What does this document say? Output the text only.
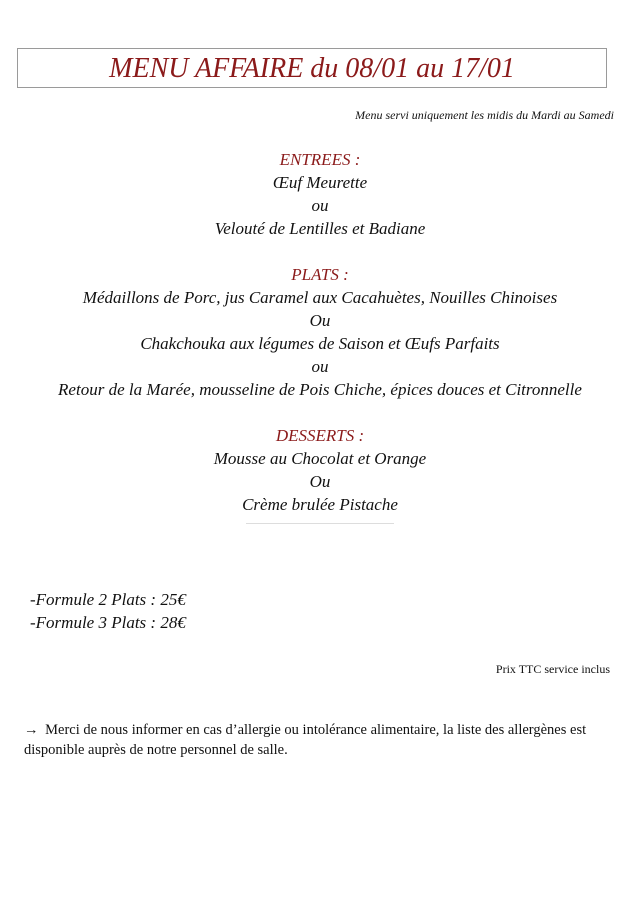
MENU AFFAIRE du 08/01 au 17/01
Menu servi uniquement les midis du Mardi au Samedi
ENTREES :
Œuf Meurette
ou
Velouté de Lentilles et Badiane
PLATS :
Médaillons de Porc, jus Caramel aux Cacahuètes, Nouilles Chinoises
Ou
Chakchouka aux légumes de Saison et Œufs Parfaits
ou
Retour de la Marée, mousseline de Pois Chiche, épices douces et Citronnelle
DESSERTS :
Mousse au Chocolat et Orange
Ou
Crème brulée Pistache
-Formule 2 Plats : 25€
-Formule 3 Plats : 28€
Prix TTC service inclus
→ Merci de nous informer en cas d’allergie ou intolérance alimentaire, la liste des allergènes est disponible auprès de notre personnel de salle.
